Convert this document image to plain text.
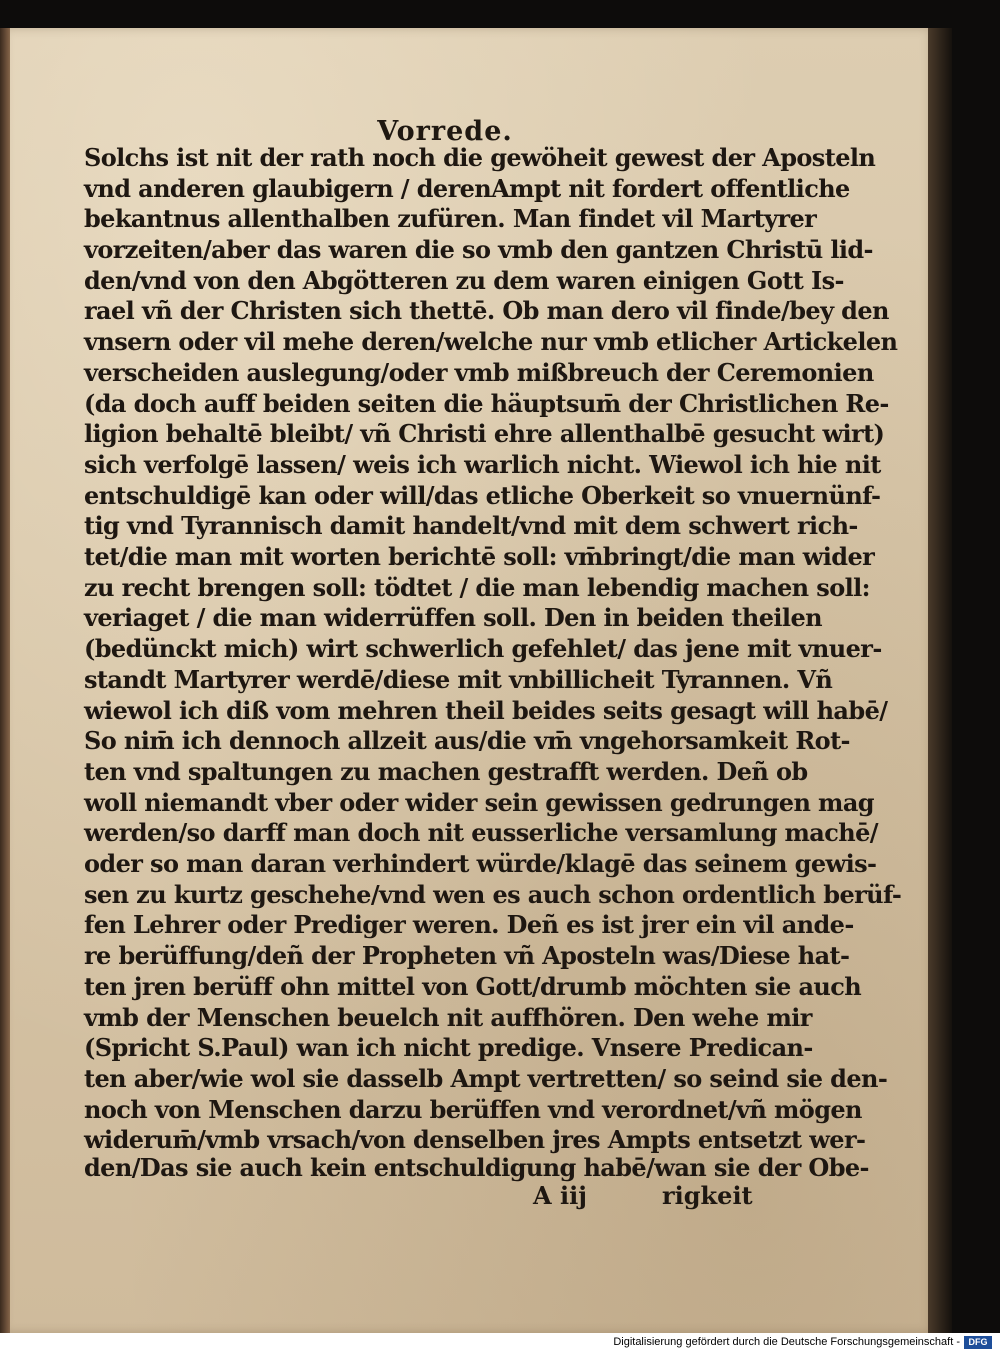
Vorrede.
Solchs ist nit der rath noch die gewöheit gewest der Aposteln
vnd anderen glaubigern / derenAmpt nit fordert offentliche
bekantnus allenthalben zufüren. Man findet vil Martyrer
vorzeiten/aber das waren die so vmb den gantzen Christū lid-
den/vnd von den Abgötteren zu dem waren einigen Gott Is-
rael vñ der Christen sich thettē. Ob man dero vil finde/bey den
vnsern oder vil mehe deren/welche nur vmb etlicher Artickelen
verscheiden auslegung/oder vmb mißbreuch der Ceremonien
(da doch auff beiden seiten die häuptsum̄ der Christlichen Re-
ligion behaltē bleibt/ vñ Christi ehre allenthalbē gesucht wirt)
sich verfolgē lassen/ weis ich warlich nicht. Wiewol ich hie nit
entschuldigē kan oder will/das etliche Oberkeit so vnuernünf-
tig vnd Tyrannisch damit handelt/vnd mit dem schwert rich-
tet/die man mit worten berichtē soll: vm̄bringt/die man wider
zu recht brengen soll: tödtet / die man lebendig machen soll:
veriaget / die man widerrüffen soll. Den in beiden theilen
(bedünckt mich) wirt schwerlich gefehlet/ das jene mit vnuer-
standt Martyrer werdē/diese mit vnbillicheit Tyrannen. Vñ
wiewol ich diß vom mehren theil beides seits gesagt will habē/
So nim̄ ich dennoch allzeit aus/die vm̄ vngehorsamkeit Rot-
ten vnd spaltungen zu machen gestrafft werden. Deñ ob
woll niemandt vber oder wider sein gewissen gedrungen mag
werden/so darff man doch nit eusserliche versamlung machē/
oder so man daran verhindert würde/klagē das seinem gewis-
sen zu kurtz geschehe/vnd wen es auch schon ordentlich berüf-
fen Lehrer oder Prediger weren. Deñ es ist jrer ein vil ande-
re berüffung/deñ der Propheten vñ Aposteln was/Diese hat-
ten jren berüff ohn mittel von Gott/drumb möchten sie auch
vmb der Menschen beuelch nit auffhören. Den wehe mir
(Spricht S.Paul) wan ich nicht predige. Vnsere Predican-
ten aber/wie wol sie dasselb Ampt vertretten/ so seind sie den-
noch von Menschen darzu berüffen vnd verordnet/vñ mögen
widerum̄/vmb vrsach/von denselben jres Ampts entsetzt wer-
den/Das sie auch kein entschuldigung habē/wan sie der Obe-
A iij	rigkeit
Digitalisierung gefördert durch die Deutsche Forschungsgemeinschaft - DFG
